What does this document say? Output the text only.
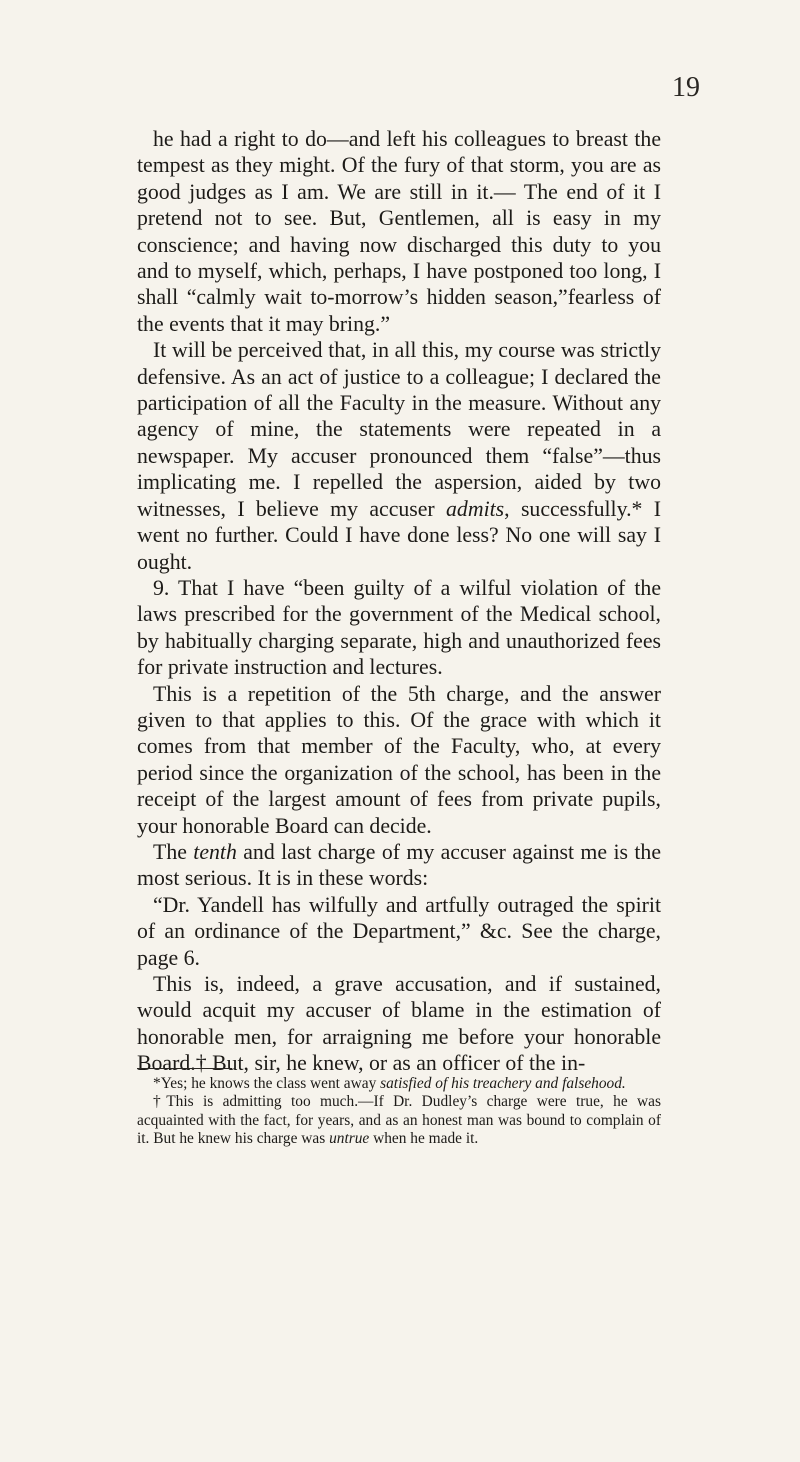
19

he had a right to do—and left his colleagues to breast the tempest as they might. Of the fury of that storm, you are as good judges as I am. We are still in it.— The end of it I pretend not to see. But, Gentlemen, all is easy in my conscience; and having now discharged this duty to you and to myself, which, perhaps, I have postponed too long, I shall “calmly wait to-morrow’s hidden season,”fearless of the events that it may bring.”

It will be perceived that, in all this, my course was strictly defensive. As an act of justice to a colleague; I declared the participation of all the Faculty in the measure. Without any agency of mine, the statements were repeated in a newspaper. My accuser pronounced them “false”—thus implicating me. I repelled the aspersion, aided by two witnesses, I believe my accuser admits, successfully.* I went no further. Could I have done less? No one will say I ought.

9. That I have “been guilty of a wilful violation of the laws prescribed for the government of the Medical school, by habitually charging separate, high and unauthorized fees for private instruction and lectures.

This is a repetition of the 5th charge, and the answer given to that applies to this. Of the grace with which it comes from that member of the Faculty, who, at every period since the organization of the school, has been in the receipt of the largest amount of fees from private pupils, your honorable Board can decide.

The tenth and last charge of my accuser against me is the most serious. It is in these words:

“Dr. Yandell has wilfully and artfully outraged the spirit of an ordinance of the Department,” &c. See the charge, page 6.

This is, indeed, a grave accusation, and if sustained, would acquit my accuser of blame in the estimation of honorable men, for arraigning me before your honorable Board.† But, sir, he knew, or as an officer of the in-

*Yes; he knows the class went away satisfied of his treachery and falsehood.

†This is admitting too much.—If Dr. Dudley’s charge were true, he was acquainted with the fact, for years, and as an honest man was bound to complain of it. But he knew his charge was untrue when he made it.
